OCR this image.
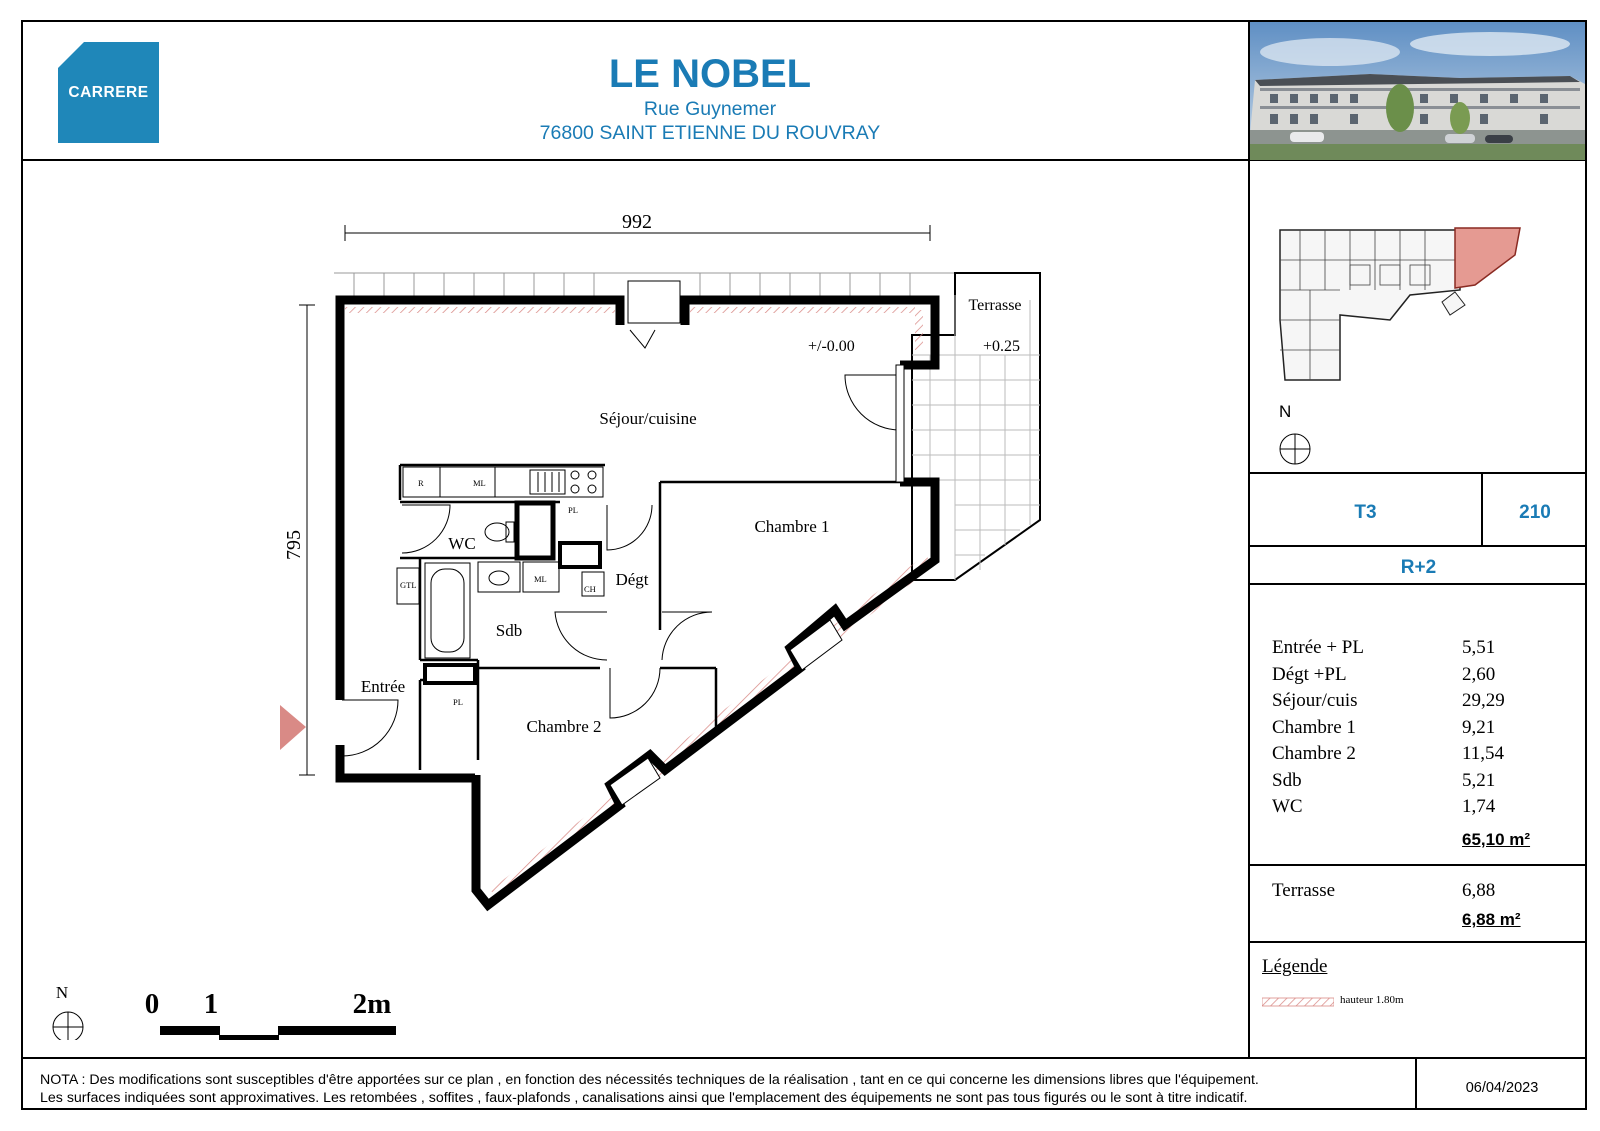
CARRERE	LE NOBEL
Rue Guynemer
76800 SAINT ETIENNE DU ROUVRAY
992
795
+/-0.00	+0.25
Terrasse
Séjour/cuisine
Chambre 1
Chambre 2
WC
Dégt
Sdb
Entrée
R	ML
ML
PL
PL
CH
GTL
N	0 1	2m
N
T3	210
R+2
Entrée + PL	5,51
Dégt +PL	2,60
Séjour/cuis	29,29
Chambre 1	9,21
Chambre 2	11,54
Sdb	5,21
WC	1,74
65,10 m²
Terrasse	6,88
6,88 m²
Légende
hauteur 1.80m
NOTA : Des modifications sont susceptibles d'être apportées sur ce plan , en fonction des nécessités techniques de la réalisation , tant en ce qui concerne les dimensions libres que l'équipement.
Les surfaces indiquées sont approximatives. Les retombées , soffites , faux-plafonds , canalisations ainsi que l'emplacement des équipements ne sont pas tous figurés ou le sont à titre indicatif.
06/04/2023
